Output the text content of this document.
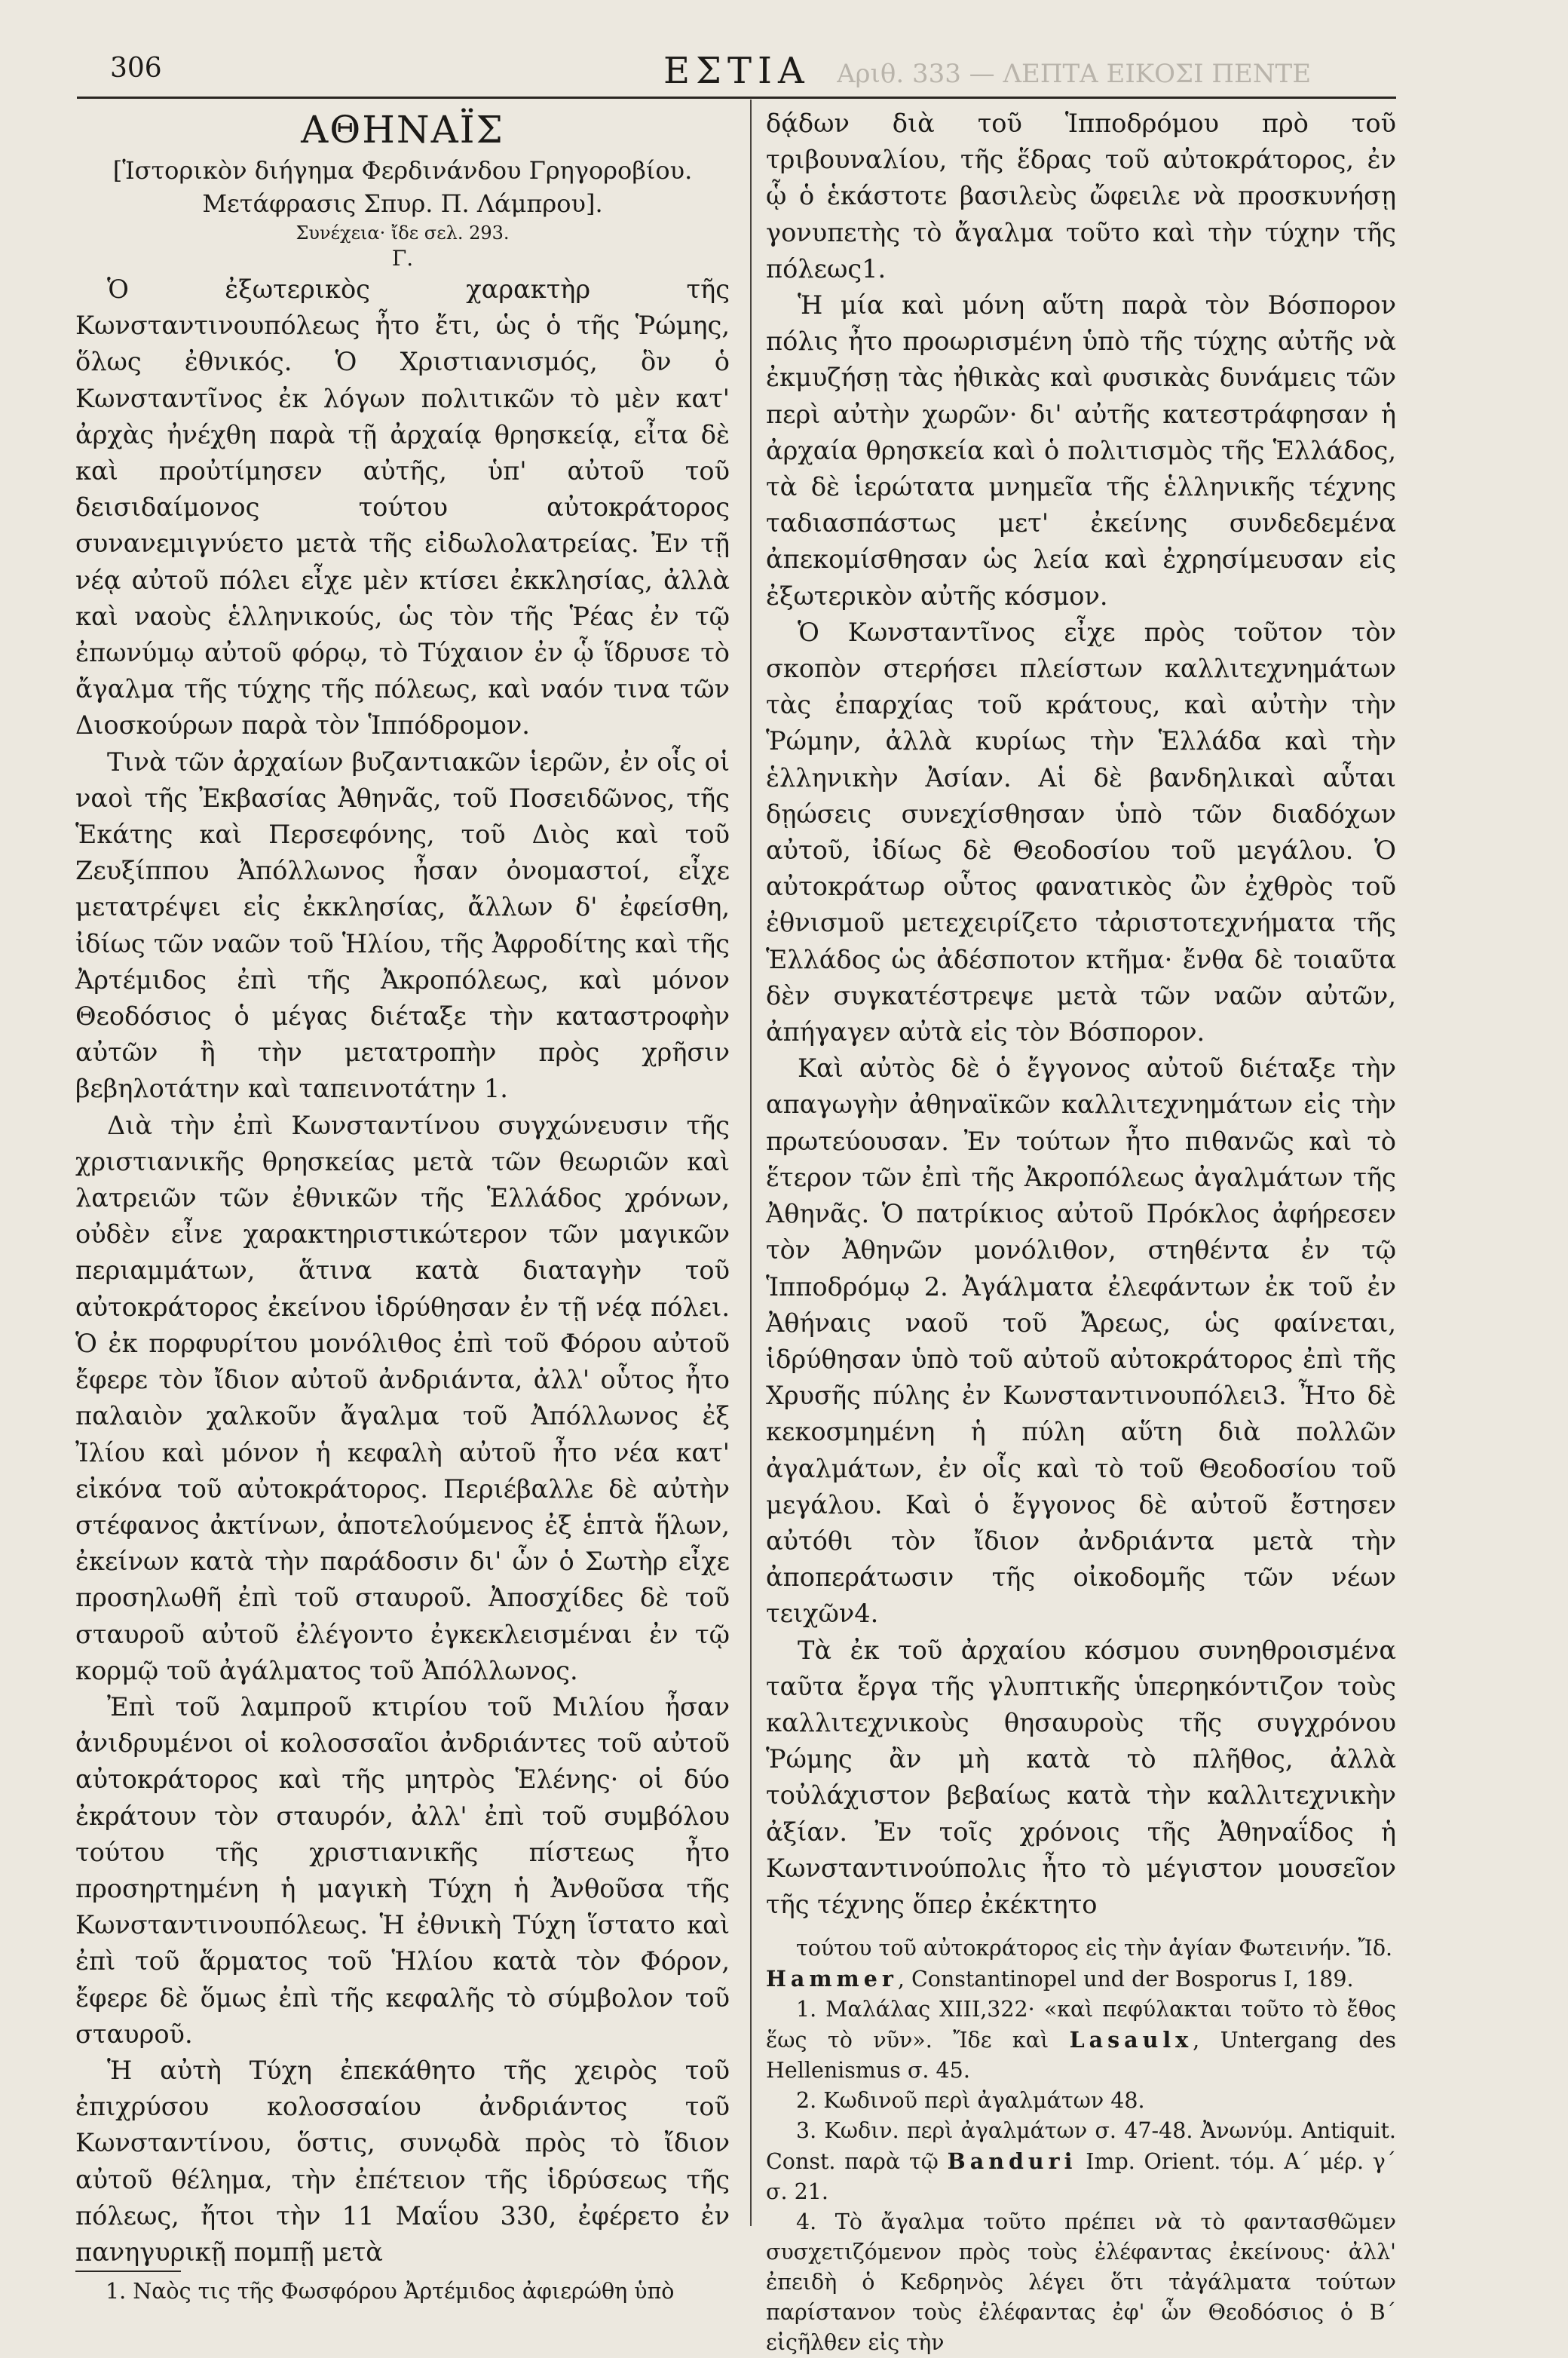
306	ΕΣΤΙΑ Αριθ. 333 — ΛΕΠΤΑ ΕΙΚΟΣΙ ΠΕΝΤΕ

ΑΘΗΝΑΪΣ

[Ἱστορικὸν διήγημα Φερδινάνδου Γρηγοροβίου.

Μετάφρασις Σπυρ. Π. Λάμπρου].

Συνέχεια· ἴδε σελ. 293.

Γ.

Ὁ ἐξωτερικὸς χαρακτὴρ τῆς Κωνσταντινουπόλεως ἦτο ἔτι, ὡς ὁ τῆς Ῥώμης, ὅλως ἐθνικός. Ὁ Χριστιανισμός, ὃν ὁ Κωνσταντῖνος ἐκ λόγων πολιτικῶν τὸ μὲν κατ' ἀρχὰς ἠνέχθη παρὰ τῇ ἀρχαίᾳ θρησκείᾳ, εἶτα δὲ καὶ προὐτίμησεν αὐτῆς, ὑπ' αὐτοῦ τοῦ δεισιδαίμονος τούτου αὐτοκράτορος συνανεμιγνύετο μετὰ τῆς εἰδωλολατρείας. Ἐν τῇ νέᾳ αὐτοῦ πόλει εἶχε μὲν κτίσει ἐκκλησίας, ἀλλὰ καὶ ναοὺς ἑλληνικούς, ὡς τὸν τῆς Ῥέας ἐν τῷ ἐπωνύμῳ αὐτοῦ φόρῳ, τὸ Τύχαιον ἐν ᾧ ἵδρυσε τὸ ἄγαλμα τῆς τύχης τῆς πόλεως, καὶ ναόν τινα τῶν Διοσκούρων παρὰ τὸν Ἱππόδρομον.

Τινὰ τῶν ἀρχαίων βυζαντιακῶν ἱερῶν, ἐν οἷς οἱ ναοὶ τῆς Ἐκβασίας Ἀθηνᾶς, τοῦ Ποσειδῶνος, τῆς Ἑκάτης καὶ Περσεφόνης, τοῦ Διὸς καὶ τοῦ Ζευξίππου Ἀπόλλωνος ἦσαν ὀνομαστοί, εἶχε μετατρέψει εἰς ἐκκλησίας, ἄλλων δ' ἐφείσθη, ἰδίως τῶν ναῶν τοῦ Ἡλίου, τῆς Ἀφροδίτης καὶ τῆς Ἀρτέμιδος ἐπὶ τῆς Ἀκροπόλεως, καὶ μόνον Θεοδόσιος ὁ μέγας διέταξε τὴν καταστροφὴν αὐτῶν ἢ τὴν μετατροπὴν πρὸς χρῆσιν βεβηλοτάτην καὶ ταπεινοτάτην 1.

Διὰ τὴν ἐπὶ Κωνσταντίνου συγχώνευσιν τῆς χριστιανικῆς θρησκείας μετὰ τῶν θεωριῶν καὶ λατρειῶν τῶν ἐθνικῶν τῆς Ἑλλάδος χρόνων, οὐδὲν εἶνε χαρακτηριστικώτερον τῶν μαγικῶν περιαμμάτων, ἅτινα κατὰ διαταγὴν τοῦ αὐτοκράτορος ἐκείνου ἱδρύθησαν ἐν τῇ νέᾳ πόλει. Ὁ ἐκ πορφυρίτου μονόλιθος ἐπὶ τοῦ Φόρου αὐτοῦ ἔφερε τὸν ἴδιον αὐτοῦ ἀνδριάντα, ἀλλ' οὗτος ἦτο παλαιὸν χαλκοῦν ἄγαλμα τοῦ Ἀπόλλωνος ἐξ Ἰλίου καὶ μόνον ἡ κεφαλὴ αὐτοῦ ἦτο νέα κατ' εἰκόνα τοῦ αὐτοκράτορος. Περιέβαλλε δὲ αὐτὴν στέφανος ἀκτίνων, ἀποτελούμενος ἐξ ἑπτὰ ἥλων, ἐκείνων κατὰ τὴν παράδοσιν δι' ὧν ὁ Σωτὴρ εἶχε προσηλωθῆ ἐπὶ τοῦ σταυροῦ. Ἀποσχίδες δὲ τοῦ σταυροῦ αὐτοῦ ἐλέγοντο ἐγκεκλεισμέναι ἐν τῷ κορμῷ τοῦ ἀγάλματος τοῦ Ἀπόλλωνος.

Ἐπὶ τοῦ λαμπροῦ κτιρίου τοῦ Μιλίου ἦσαν ἀνιδρυμένοι οἱ κολοσσαῖοι ἀνδριάντες τοῦ αὐτοῦ αὐτοκράτορος καὶ τῆς μητρὸς Ἑλένης· οἱ δύο ἐκράτουν τὸν σταυρόν, ἀλλ' ἐπὶ τοῦ συμβόλου τούτου τῆς χριστιανικῆς πίστεως ἦτο προσηρτημένη ἡ μαγικὴ Τύχη ἡ Ἀνθοῦσα τῆς Κωνσταντινουπόλεως. Ἡ ἐθνικὴ Τύχη ἵστατο καὶ ἐπὶ τοῦ ἅρματος τοῦ Ἡλίου κατὰ τὸν Φόρον, ἔφερε δὲ ὅμως ἐπὶ τῆς κεφαλῆς τὸ σύμβολον τοῦ σταυροῦ.

Ἡ αὐτὴ Τύχη ἐπεκάθητο τῆς χειρὸς τοῦ ἐπιχρύσου κολοσσαίου ἀνδριάντος τοῦ Κωνσταντίνου, ὅστις, συνῳδὰ πρὸς τὸ ἴδιον αὐτοῦ θέλημα, τὴν ἐπέτειον τῆς ἱδρύσεως τῆς πόλεως, ἤτοι τὴν 11 Μαΐου 330, ἐφέρετο ἐν πανηγυρικῇ πομπῇ μετὰ

1. Ναὸς τις τῆς Φωσφόρου Ἀρτέμιδος ἀφιερώθη ὑπὸ

δᾴδων διὰ τοῦ Ἱπποδρόμου πρὸ τοῦ τριβουναλίου, τῆς ἕδρας τοῦ αὐτοκράτορος, ἐν ᾧ ὁ ἑκάστοτε βασιλεὺς ὤφειλε νὰ προσκυνήσῃ γονυπετὴς τὸ ἄγαλμα τοῦτο καὶ τὴν τύχην τῆς πόλεως1.

Ἡ μία καὶ μόνη αὕτη παρὰ τὸν Βόσπορον πόλις ἦτο προωρισμένη ὑπὸ τῆς τύχης αὐτῆς νὰ ἐκμυζήσῃ τὰς ἠθικὰς καὶ φυσικὰς δυνάμεις τῶν περὶ αὐτὴν χωρῶν· δι' αὐτῆς κατεστράφησαν ἡ ἀρχαία θρησκεία καὶ ὁ πολιτισμὸς τῆς Ἑλλάδος, τὰ δὲ ἱερώτατα μνημεῖα τῆς ἑλληνικῆς τέχνης ταδιασπάστως μετ' ἐκείνης συνδεδεμένα ἀπεκομίσθησαν ὡς λεία καὶ ἐχρησίμευσαν εἰς ἐξωτερικὸν αὐτῆς κόσμον.

Ὁ Κωνσταντῖνος εἶχε πρὸς τοῦτον τὸν σκοπὸν στερήσει πλείστων καλλιτεχνημάτων τὰς ἐπαρχίας τοῦ κράτους, καὶ αὐτὴν τὴν Ῥώμην, ἀλλὰ κυρίως τὴν Ἑλλάδα καὶ τὴν ἑλληνικὴν Ἀσίαν. Αἱ δὲ βανδηλικαὶ αὗται δῃώσεις συνεχίσθησαν ὑπὸ τῶν διαδόχων αὐτοῦ, ἰδίως δὲ Θεοδοσίου τοῦ μεγάλου. Ὁ αὐτοκράτωρ οὗτος φανατικὸς ὢν ἐχθρὸς τοῦ ἐθνισμοῦ μετεχειρίζετο τἀριστοτεχνήματα τῆς Ἑλλάδος ὡς ἀδέσποτον κτῆμα· ἔνθα δὲ τοιαῦτα δὲν συγκατέστρεψε μετὰ τῶν ναῶν αὐτῶν, ἀπήγαγεν αὐτὰ εἰς τὸν Βόσπορον.

Καὶ αὐτὸς δὲ ὁ ἔγγονος αὐτοῦ διέταξε τὴν απαγωγὴν ἀθηναϊκῶν καλλιτεχνημάτων εἰς τὴν πρωτεύουσαν. Ἐν τούτων ἦτο πιθανῶς καὶ τὸ ἕτερον τῶν ἐπὶ τῆς Ἀκροπόλεως ἀγαλμάτων τῆς Ἀθηνᾶς. Ὁ πατρίκιος αὐτοῦ Πρόκλος ἀφήρεσεν τὸν Ἀθηνῶν μονόλιθον, στηθέντα ἐν τῷ Ἱπποδρόμῳ 2. Ἀγάλματα ἐλεφάντων ἐκ τοῦ ἐν Ἀθήναις ναοῦ τοῦ Ἄρεως, ὡς φαίνεται, ἱδρύθησαν ὑπὸ τοῦ αὐτοῦ αὐτοκράτορος ἐπὶ τῆς Χρυσῆς πύλης ἐν Κωνσταντινουπόλει3. Ἦτο δὲ κεκοσμημένη ἡ πύλη αὕτη διὰ πολλῶν ἀγαλμάτων, ἐν οἷς καὶ τὸ τοῦ Θεοδοσίου τοῦ μεγάλου. Καὶ ὁ ἔγγονος δὲ αὐτοῦ ἔστησεν αὐτόθι τὸν ἴδιον ἀνδριάντα μετὰ τὴν ἀποπεράτωσιν τῆς οἰκοδομῆς τῶν νέων τειχῶν4.

Τὰ ἐκ τοῦ ἀρχαίου κόσμου συνηθροισμένα ταῦτα ἔργα τῆς γλυπτικῆς ὑπερηκόντιζον τοὺς καλλιτεχνικοὺς θησαυροὺς τῆς συγχρόνου Ῥώμης ἂν μὴ κατὰ τὸ πλῆθος, ἀλλὰ τοὐλάχιστον βεβαίως κατὰ τὴν καλλιτεχνικὴν ἀξίαν. Ἐν τοῖς χρόνοις τῆς Ἀθηναΐδος ἡ Κωνσταντινούπολις ἦτο τὸ μέγιστον μουσεῖον τῆς τέχνης ὅπερ ἐκέκτητο

τούτου τοῦ αὐτοκράτορος εἰς τὴν ἁγίαν Φωτεινήν. Ἴδ.
Hammer, Constantinopel und der Bosporus I, 189.

1. Μαλάλας XIII,322· «καὶ πεφύλακται τοῦτο τὸ ἔθος ἕως τὸ νῦν». Ἴδε καὶ Lasaulx, Untergang des Hellenismus σ. 45.

2. Κωδινοῦ περὶ ἀγαλμάτων 48.

3. Κωδιν. περὶ ἀγαλμάτων σ. 47-48. Ἀνωνύμ. Antiquit. Const. παρὰ τῷ Banduri Imp. Orient. τόμ. Α΄ μέρ. γ΄ σ. 21.

4. Τὸ ἄγαλμα τοῦτο πρέπει νὰ τὸ φαντασθῶμεν συσχετιζόμενον πρὸς τοὺς ἐλέφαντας ἐκείνους· ἀλλ' ἐπειδὴ ὁ Κεδρηνὸς λέγει ὅτι τἀγάλματα τούτων παρίστανον τοὺς ἐλέφαντας ἐφ' ὧν Θεοδόσιος ὁ Β΄ εἰςῆλθεν εἰς τὴν
